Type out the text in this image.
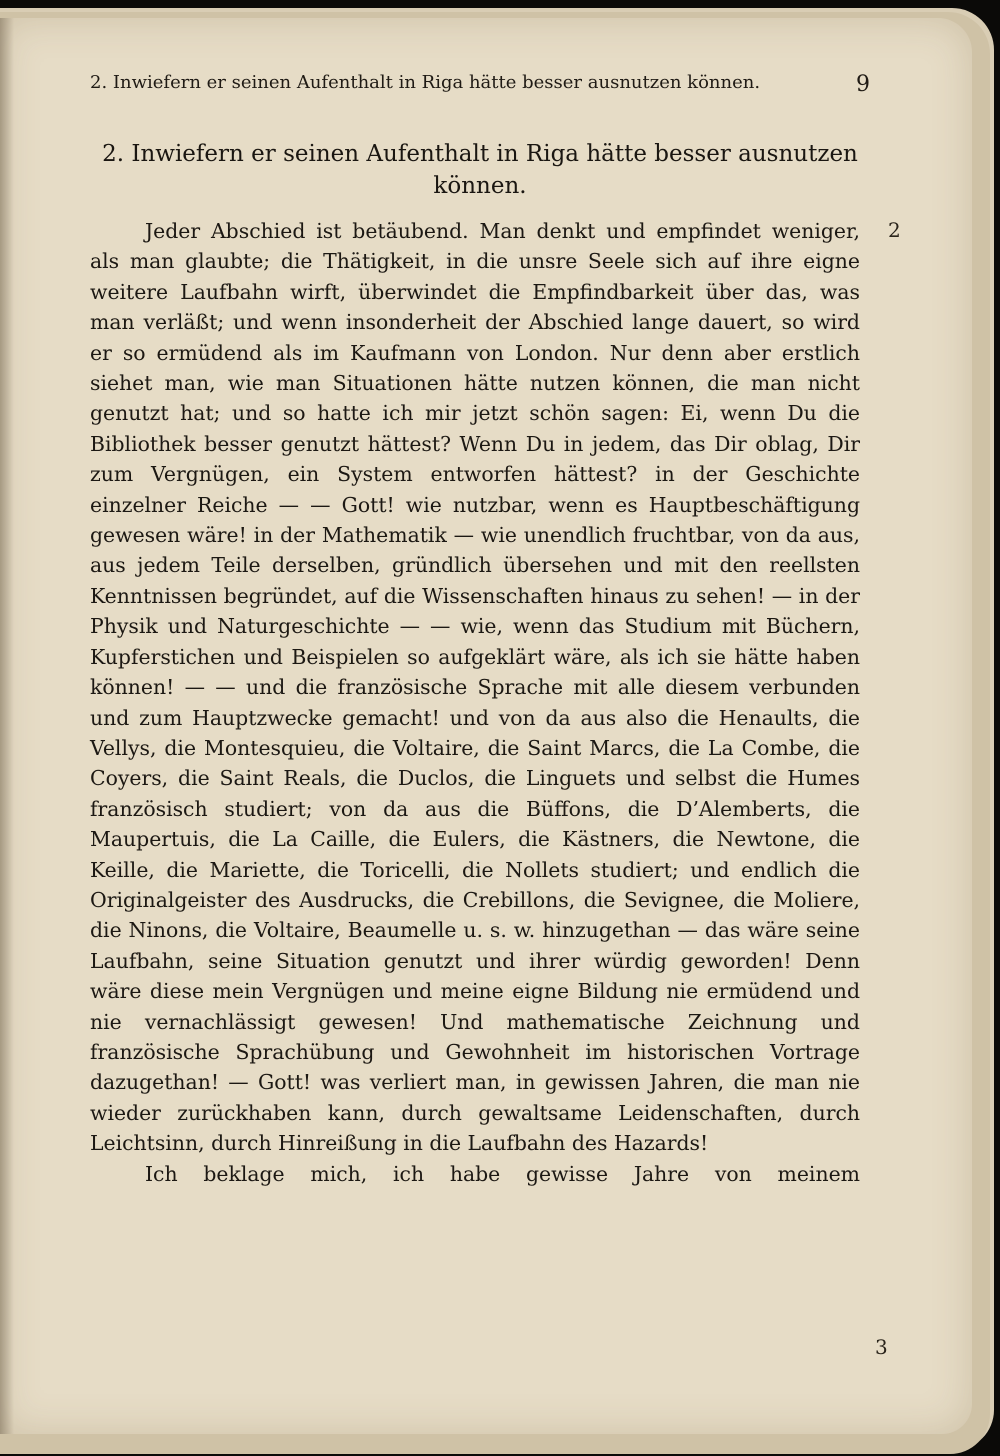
2. Inwiefern er seinen Aufenthalt in Riga hätte besser ausnutzen können.	9
2. Inwiefern er seinen Aufenthalt in Riga hätte besser ausnutzen können.

Jeder Abschied ist betäubend. Man denkt und empfindet weniger, als man glaubte; die Thätigkeit, in die unsre Seele sich auf ihre eigne weitere Laufbahn wirft, überwindet die Empfindbarkeit über das, was man verläßt; und wenn insonderheit der Abschied lange dauert, so wird er so ermüdend als im Kaufmann von London. Nur denn aber erstlich siehet man, wie man Situationen hätte nutzen können, die man nicht genutzt hat; und so hatte ich mir jetzt schön sagen: Ei, wenn Du die Bibliothek besser genutzt hättest? Wenn Du in jedem, das Dir oblag, Dir zum Vergnügen, ein System entworfen hättest? in der Geschichte einzelner Reiche — — Gott! wie nutzbar, wenn es Hauptbeschäftigung gewesen wäre! in der Mathematik — wie unendlich fruchtbar, von da aus, aus jedem Teile derselben, gründlich übersehen und mit den reellsten Kenntnissen begründet, auf die Wissenschaften hinaus zu sehen! — in der Physik und Naturgeschichte — — wie, wenn das Studium mit Büchern, Kupferstichen und Beispielen so aufgeklärt wäre, als ich sie hätte haben können! — — und die französische Sprache mit alle diesem verbunden und zum Hauptzwecke gemacht! und von da aus also die Henaults, die Vellys, die Montesquieu, die Voltaire, die Saint Marcs, die La Combe, die Coyers, die Saint Reals, die Duclos, die Linguets und selbst die Humes französisch studiert; von da aus die Büffons, die D’Alemberts, die Maupertuis, die La Caille, die Eulers, die Kästners, die Newtone, die Keille, die Mariette, die Toricelli, die Nollets studiert; und endlich die Originalgeister des Ausdrucks, die Crebillons, die Sevignee, die Moliere, die Ninons, die Voltaire, Beaumelle u. s. w. hinzugethan — das wäre seine Laufbahn, seine Situation genutzt und ihrer würdig geworden! Denn wäre diese mein Vergnügen und meine eigne Bildung nie ermüdend und nie vernachlässigt gewesen! Und mathematische Zeichnung und französische Sprachübung und Gewohnheit im historischen Vortrage dazugethan! — Gott! was verliert man, in gewissen Jahren, die man nie wieder zurückhaben kann, durch gewaltsame Leidenschaften, durch Leichtsinn, durch Hinreißung in die Laufbahn des Hazards!

Ich beklage mich, ich habe gewisse Jahre von meinem

2
3
